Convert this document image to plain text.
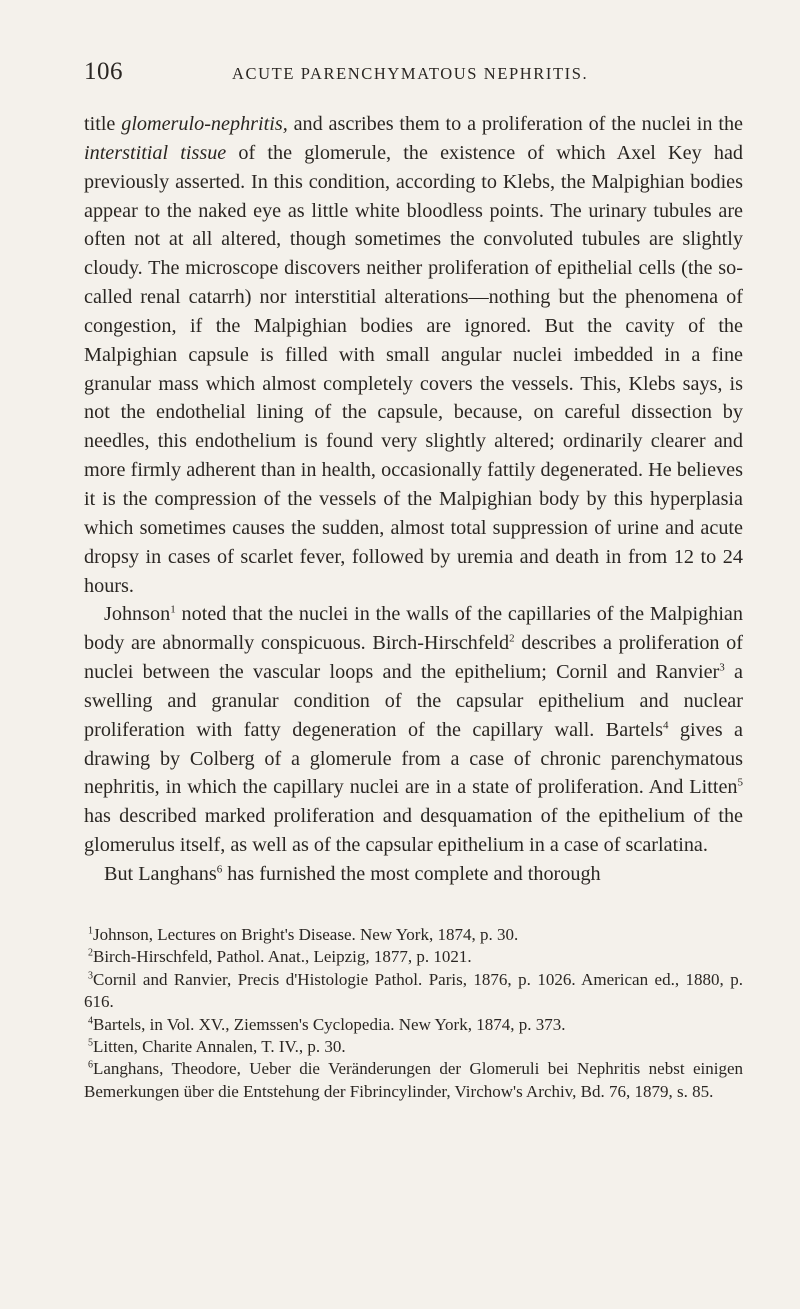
106	ACUTE PARENCHYMATOUS NEPHRITIS.

title glomerulo-nephritis, and ascribes them to a proliferation of the nuclei in the interstitial tissue of the glomerule, the existence of which Axel Key had previously asserted. In this condition, according to Klebs, the Malpighian bodies appear to the naked eye as little white bloodless points. The urinary tubules are often not at all altered, though sometimes the convoluted tubules are slightly cloudy. The microscope discovers neither proliferation of epithelial cells (the so-called renal catarrh) nor interstitial alterations—nothing but the phenomena of congestion, if the Malpighian bodies are ignored. But the cavity of the Malpighian capsule is filled with small angular nuclei imbedded in a fine granular mass which almost completely covers the vessels. This, Klebs says, is not the endothelial lining of the capsule, because, on careful dissection by needles, this endothelium is found very slightly altered; ordinarily clearer and more firmly adherent than in health, occasionally fattily degenerated. He believes it is the compression of the vessels of the Malpighian body by this hyperplasia which sometimes causes the sudden, almost total suppression of urine and acute dropsy in cases of scarlet fever, followed by uremia and death in from 12 to 24 hours.

Johnson$^1$ noted that the nuclei in the walls of the capillaries of the Malpighian body are abnormally conspicuous. Birch-Hirschfeld$^2$ describes a proliferation of nuclei between the vascular loops and the epithelium; Cornil and Ranvier$^3$ a swelling and granular condition of the capsular epithelium and nuclear proliferation with fatty degeneration of the capillary wall. Bartels$^4$ gives a drawing by Colberg of a glomerule from a case of chronic parenchymatous nephritis, in which the capillary nuclei are in a state of proliferation. And Litten$^5$ has described marked proliferation and desquamation of the epithelium of the glomerulus itself, as well as of the capsular epithelium in a case of scarlatina.

But Langhans$^6$ has furnished the most complete and thorough

$^1$Johnson, Lectures on Bright's Disease. New York, 1874, p. 30.

$^2$Birch-Hirschfeld, Pathol. Anat., Leipzig, 1877, p. 1021.

$^3$Cornil and Ranvier, Precis d'Histologie Pathol. Paris, 1876, p. 1026. American ed., 1880, p. 616.

$^4$Bartels, in Vol. XV., Ziemssen's Cyclopedia. New York, 1874, p. 373.

$^5$Litten, Charite Annalen, T. IV., p. 30.

$^6$Langhans, Theodore, Ueber die Veränderungen der Glomeruli bei Nephritis nebst einigen Bemerkungen über die Entstehung der Fibrincylinder, Virchow's Archiv, Bd. 76, 1879, s. 85.
